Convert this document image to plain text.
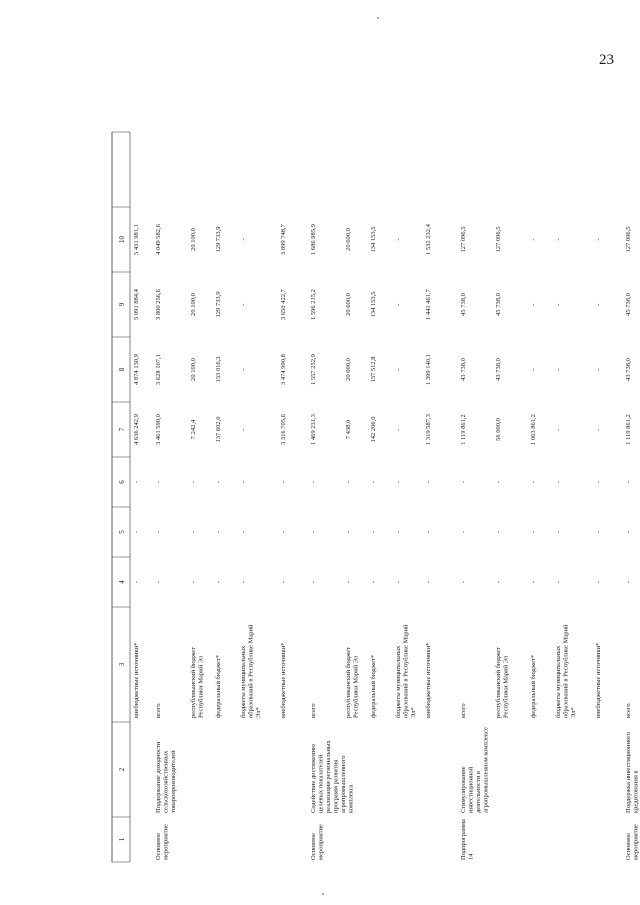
23
1
2
3
4
5
6
7
8
9
10
внебюджетные источники*
-
-
-
4 636 242,9
4 874 130,9
5 091 884,4
5 431 981,1
Основноемероприятие
Поддержание доходностисельскохозяйственныхтоваропроизводителей
всего
-
-
-
3 461 590,0
3 628 107,1
3 800 256,6
4 049 582,6
республиканский бюджетРеспублики Марий Эл
-
-
-
7 242,4
20 100,0
20 100,0
20 100,0
федеральный бюджет*
-
-
-
137 602,0
133 016,3
129 733,9
129 733,9
бюджеты муниципальныхобразований в Республике МарийЭл*
-
-
-
-
-
-
-
внебюджетные источники*
-
-
-
3 316 705,6
3 474 990,8
3 650 422,7
3 899 748,7
Основноемероприятие
Содействие достижениюцелевых показателейреализации региональныхпрограмм развитияагропромышленногокомплекса
всего
-
-
-
1 469 231,3
1 557 252,9
1 596 215,2
1 686 985,9
республиканский бюджетРеспублики Марий Эл
-
-
-
7 438,0
20 600,0
20 600,0
20 600,0
федеральный бюджет*
-
-
-
142 206,0
137 512,8
134 153,5
134 153,5
бюджеты муниципальныхобразований в Республике МарийЭл*
-
-
-
-
-
-
-
внебюджетные источники*
-
-
-
1 319 587,3
1 399 140,1
1 441 461,7
1 532 232,4
Подпрограмма14
Стимулированиеинвестиционнойдеятельности вагропромышленном комплексе
всего
-
-
-
1 119 861,2
43 738,0
45 738,0
127 096,5
республиканский бюджетРеспублики Марий Эл
-
-
-
56 000,0
43 738,0
45 738,0
127 096,5
федеральный бюджет*
-
-
-
1 063 861,2
-
-
-
бюджеты муниципальныхобразований в Республике МарийЭл*
-
-
-
-
-
-
-
внебюджетные источники*
-
-
-
-
-
-
-
Основноемероприятие
Поддержка инвестиционногокредитования в
всего
-
-
-
1 119 861,2
43 738,0
45 738,0
127 096,5
